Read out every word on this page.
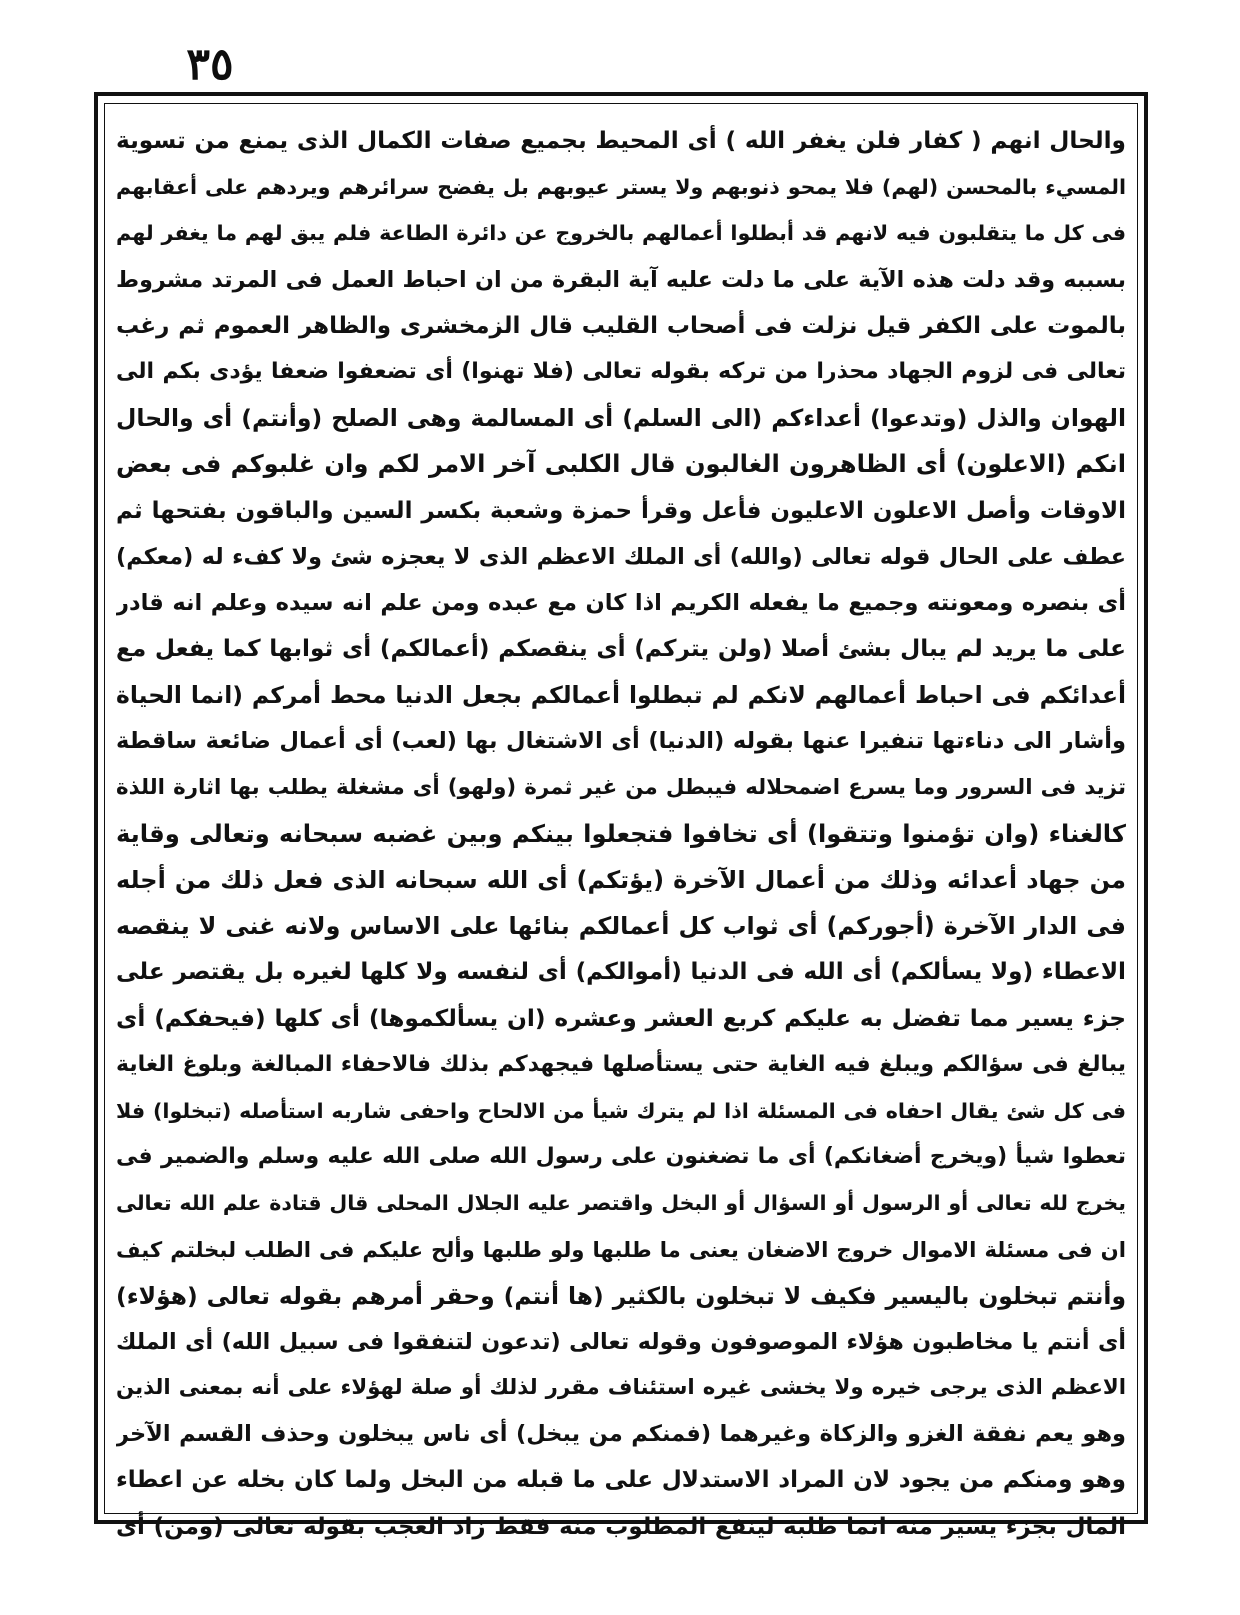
٣٥
والحال انهم ( كفار فلن يغفر الله ) أى المحيط بجميع صفات الكمال الذى يمنع من تسوية
المسيء بالمحسن (لهم) فلا يمحو ذنوبهم ولا يستر عيوبهم بل يفضح سرائرهم ويردهم على أعقابهم
فى كل ما يتقلبون فيه لانهم قد أبطلوا أعمالهم بالخروج عن دائرة الطاعة فلم يبق لهم ما يغفر لهم
بسببه وقد دلت هذه الآية على ما دلت عليه آية البقرة من ان احباط العمل فى المرتد مشروط
بالموت على الكفر قيل نزلت فى أصحاب القليب قال الزمخشرى والظاهر العموم ثم رغب
تعالى فى لزوم الجهاد محذرا من تركه بقوله تعالى (فلا تهنوا) أى تضعفوا ضعفا يؤدى بكم الى
الهوان والذل (وتدعوا) أعداءكم (الى السلم) أى المسالمة وهى الصلح (وأنتم) أى والحال
انكم (الاعلون) أى الظاهرون الغالبون قال الكلبى آخر الامر لكم وان غلبوكم فى بعض
الاوقات وأصل الاعلون الاعليون فأعل وقرأ حمزة وشعبة بكسر السين والباقون بفتحها ثم
عطف على الحال قوله تعالى (والله) أى الملك الاعظم الذى لا يعجزه شئ ولا كفء له (معكم)
أى بنصره ومعونته وجميع ما يفعله الكريم اذا كان مع عبده ومن علم انه سيده وعلم انه قادر
على ما يريد لم يبال بشئ أصلا (ولن يتركم) أى ينقصكم (أعمالكم) أى ثوابها كما يفعل مع
أعدائكم فى احباط أعمالهم لانكم لم تبطلوا أعمالكم بجعل الدنيا محط أمركم (انما الحياة
وأشار الى دناءتها تنفيرا عنها بقوله (الدنيا) أى الاشتغال بها (لعب) أى أعمال ضائعة ساقطة
تزيد فى السرور وما يسرع اضمحلاله فيبطل من غير ثمرة (ولهو) أى مشغلة يطلب بها اثارة اللذة
كالغناء (وان تؤمنوا وتتقوا) أى تخافوا فتجعلوا بينكم وبين غضبه سبحانه وتعالى وقاية
من جهاد أعدائه وذلك من أعمال الآخرة (يؤتكم) أى الله سبحانه الذى فعل ذلك من أجله
فى الدار الآخرة (أجوركم) أى ثواب كل أعمالكم بنائها على الاساس ولانه غنى لا ينقصه
الاعطاء (ولا يسألكم) أى الله فى الدنيا (أموالكم) أى لنفسه ولا كلها لغيره بل يقتصر على
جزء يسير مما تفضل به عليكم كربع العشر وعشره (ان يسألكموها) أى كلها (فيحفكم) أى
يبالغ فى سؤالكم ويبلغ فيه الغاية حتى يستأصلها فيجهدكم بذلك فالاحفاء المبالغة وبلوغ الغاية
فى كل شئ يقال احفاه فى المسئلة اذا لم يترك شيأ من الالحاح واحفى شاربه استأصله (تبخلوا) فلا
تعطوا شيأ (ويخرج أضغانكم) أى ما تضغنون على رسول الله صلى الله عليه وسلم والضمير فى
يخرج لله تعالى أو الرسول أو السؤال أو البخل واقتصر عليه الجلال المحلى قال قتادة علم الله تعالى
ان فى مسئلة الاموال خروج الاضغان يعنى ما طلبها ولو طلبها وألح عليكم فى الطلب لبخلتم كيف
وأنتم تبخلون باليسير فكيف لا تبخلون بالكثير (ها أنتم) وحقر أمرهم بقوله تعالى (هؤلاء)
أى أنتم يا مخاطبون هؤلاء الموصوفون وقوله تعالى (تدعون لتنفقوا فى سبيل الله) أى الملك
الاعظم الذى يرجى خيره ولا يخشى غيره استئناف مقرر لذلك أو صلة لهؤلاء على أنه بمعنى الذين
وهو يعم نفقة الغزو والزكاة وغيرهما (فمنكم من يبخل) أى ناس يبخلون وحذف القسم الآخر
وهو ومنكم من يجود لان المراد الاستدلال على ما قبله من البخل ولما كان بخله عن اعطاء
المال بجزء يسير منه انما طلبه لينفع المطلوب منه فقط زاد العجب بقوله تعالى (ومن) أى
